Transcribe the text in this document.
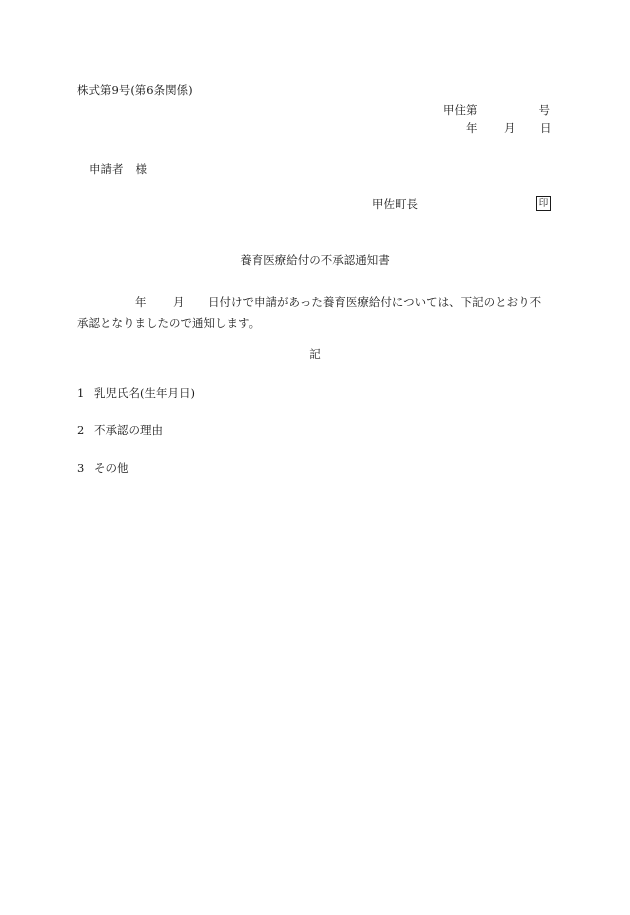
株式第9号(第6条関係)
甲住第	号
年 月 日
申請者 様
甲佐町長	印
養育医療給付の不承認通知書
年 月 日付けで申請があった養育医療給付については、下記のとおり不
承認となりましたので通知します。
記
1 乳児氏名(生年月日)
2 不承認の理由
3 その他
